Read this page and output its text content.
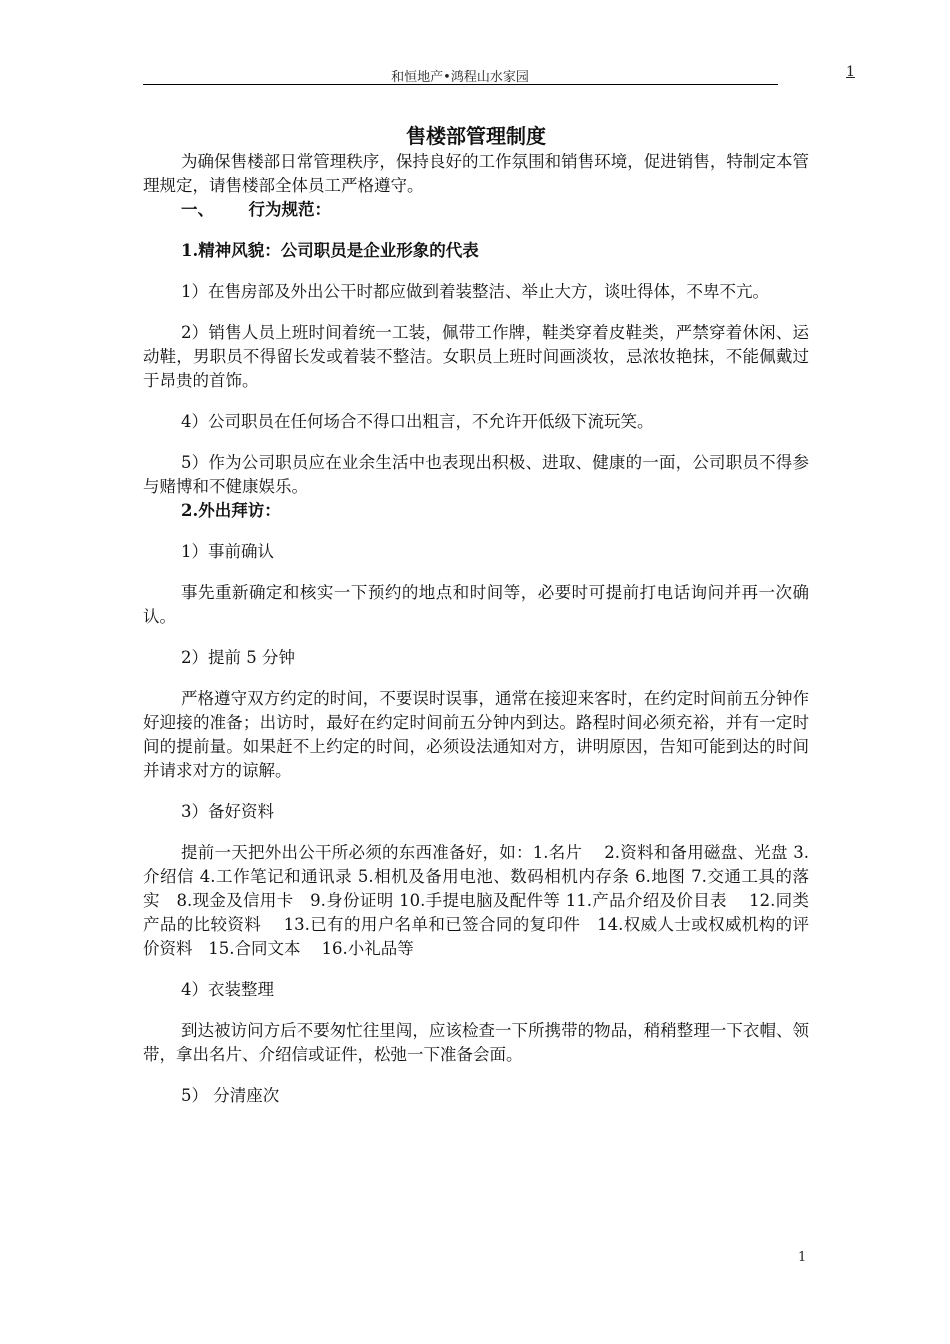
和恒地产•鸿程山水家园	1
售楼部管理制度

为确保售楼部日常管理秩序，保持良好的工作氛围和销售环境，促进销售，特制定本管理规定，请售楼部全体员工严格遵守。

一、      行为规范：

1.精神风貌：公司职员是企业形象的代表

1）在售房部及外出公干时都应做到着装整洁、举止大方，谈吐得体，不卑不亢。

2）销售人员上班时间着统一工装，佩带工作牌，鞋类穿着皮鞋类，严禁穿着休闲、运动鞋，男职员不得留长发或着装不整洁。女职员上班时间画淡妆，忌浓妆艳抹，不能佩戴过于昂贵的首饰。

4）公司职员在任何场合不得口出粗言，不允许开低级下流玩笑。

5）作为公司职员应在业余生活中也表现出积极、进取、健康的一面，公司职员不得参与赌博和不健康娱乐。

2.外出拜访：

1）事前确认

事先重新确定和核实一下预约的地点和时间等，必要时可提前打电话询问并再一次确认。

2）提前 5 分钟

严格遵守双方约定的时间，不要误时误事，通常在接迎来客时，在约定时间前五分钟作好迎接的准备；出访时，最好在约定时间前五分钟内到达。路程时间必须充裕，并有一定时间的提前量。如果赶不上约定的时间，必须设法通知对方，讲明原因，告知可能到达的时间并请求对方的谅解。

3）备好资料

提前一天把外出公干所必须的东西准备好，如：1.名片    2.资料和备用磁盘、光盘 3.介绍信 4.工作笔记和通讯录 5.相机及备用电池、数码相机内存条 6.地图 7.交通工具的落实   8.现金及信用卡   9.身份证明 10.手提电脑及配件等 11.产品介绍及价目表    12.同类产品的比较资料    13.已有的用户名单和已签合同的复印件   14.权威人士或权威机构的评价资料   15.合同文本    16.小礼品等

4）衣装整理

到达被访问方后不要匆忙往里闯，应该检查一下所携带的物品，稍稍整理一下衣帽、领带，拿出名片、介绍信或证件，松弛一下准备会面。

5） 分清座次

1
